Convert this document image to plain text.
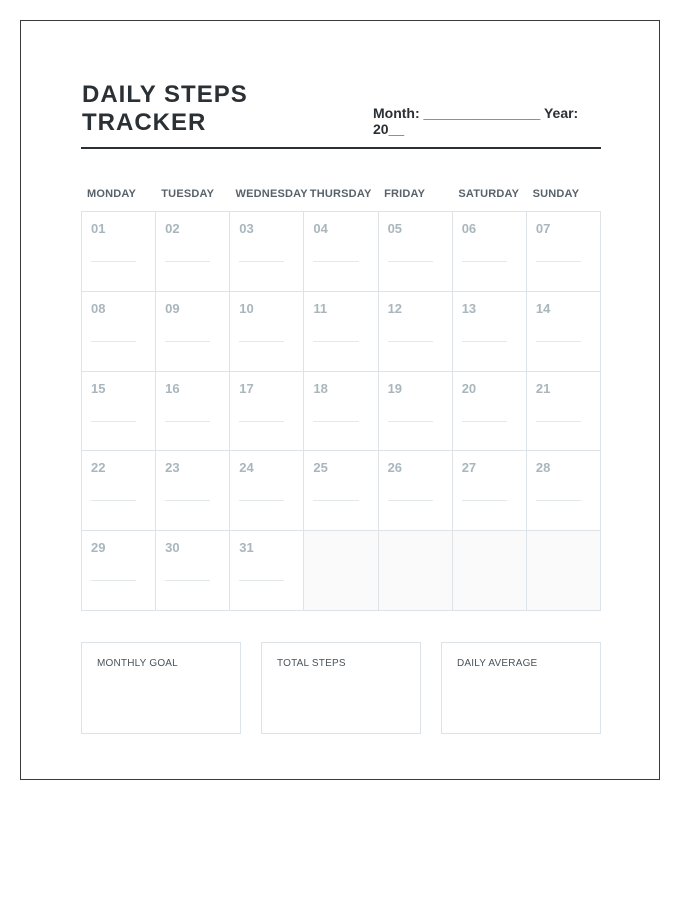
DAILY STEPS
TRACKER	Month: _______________ Year:
20__
MONDAY	TUESDAY	WEDNESDAY THURSDAY	FRIDAY	SATURDAY	SUNDAY
01	02	03	04	05	06	07
08	09	10	11	12	13	14
15	16	17	18	19	20	21
22	23	24	25	26	27	28
29	30	31
MONTHLY GOAL	TOTAL STEPS	DAILY AVERAGE
